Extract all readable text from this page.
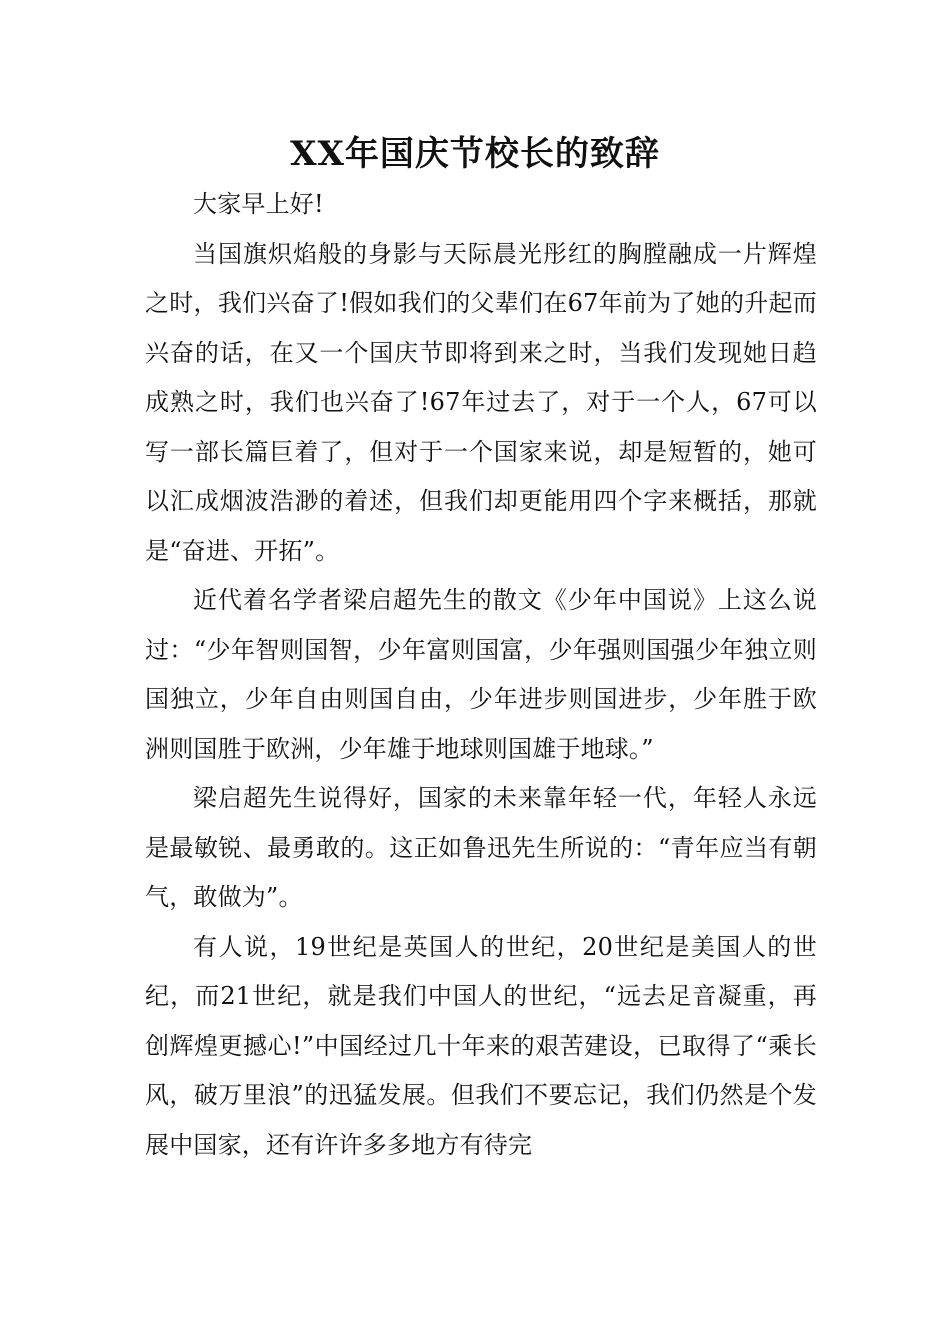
XX年国庆节校长的致辞

大家早上好!

当国旗炽焰般的身影与天际晨光彤红的胸膛融成一片辉煌之时，我们兴奋了!假如我们的父辈们在67年前为了她的升起而兴奋的话，在又一个国庆节即将到来之时，当我们发现她日趋成熟之时，我们也兴奋了!67年过去了，对于一个人，67可以写一部长篇巨着了，但对于一个国家来说，却是短暂的，她可以汇成烟波浩渺的着述，但我们却更能用四个字来概括，那就是“奋进、开拓”。

近代着名学者梁启超先生的散文《少年中国说》上这么说过：“少年智则国智，少年富则国富，少年强则国强少年独立则国独立，少年自由则国自由，少年进步则国进步，少年胜于欧洲则国胜于欧洲，少年雄于地球则国雄于地球。”

梁启超先生说得好，国家的未来靠年轻一代，年轻人永远是最敏锐、最勇敢的。这正如鲁迅先生所说的：“青年应当有朝气，敢做为”。

有人说，19世纪是英国人的世纪，20世纪是美国人的世纪，而21世纪，就是我们中国人的世纪，“远去足音凝重，再创辉煌更撼心!”中国经过几十年来的艰苦建设，已取得了“乘长风，破万里浪”的迅猛发展。但我们不要忘记，我们仍然是个发展中国家，还有许许多多地方有待完
